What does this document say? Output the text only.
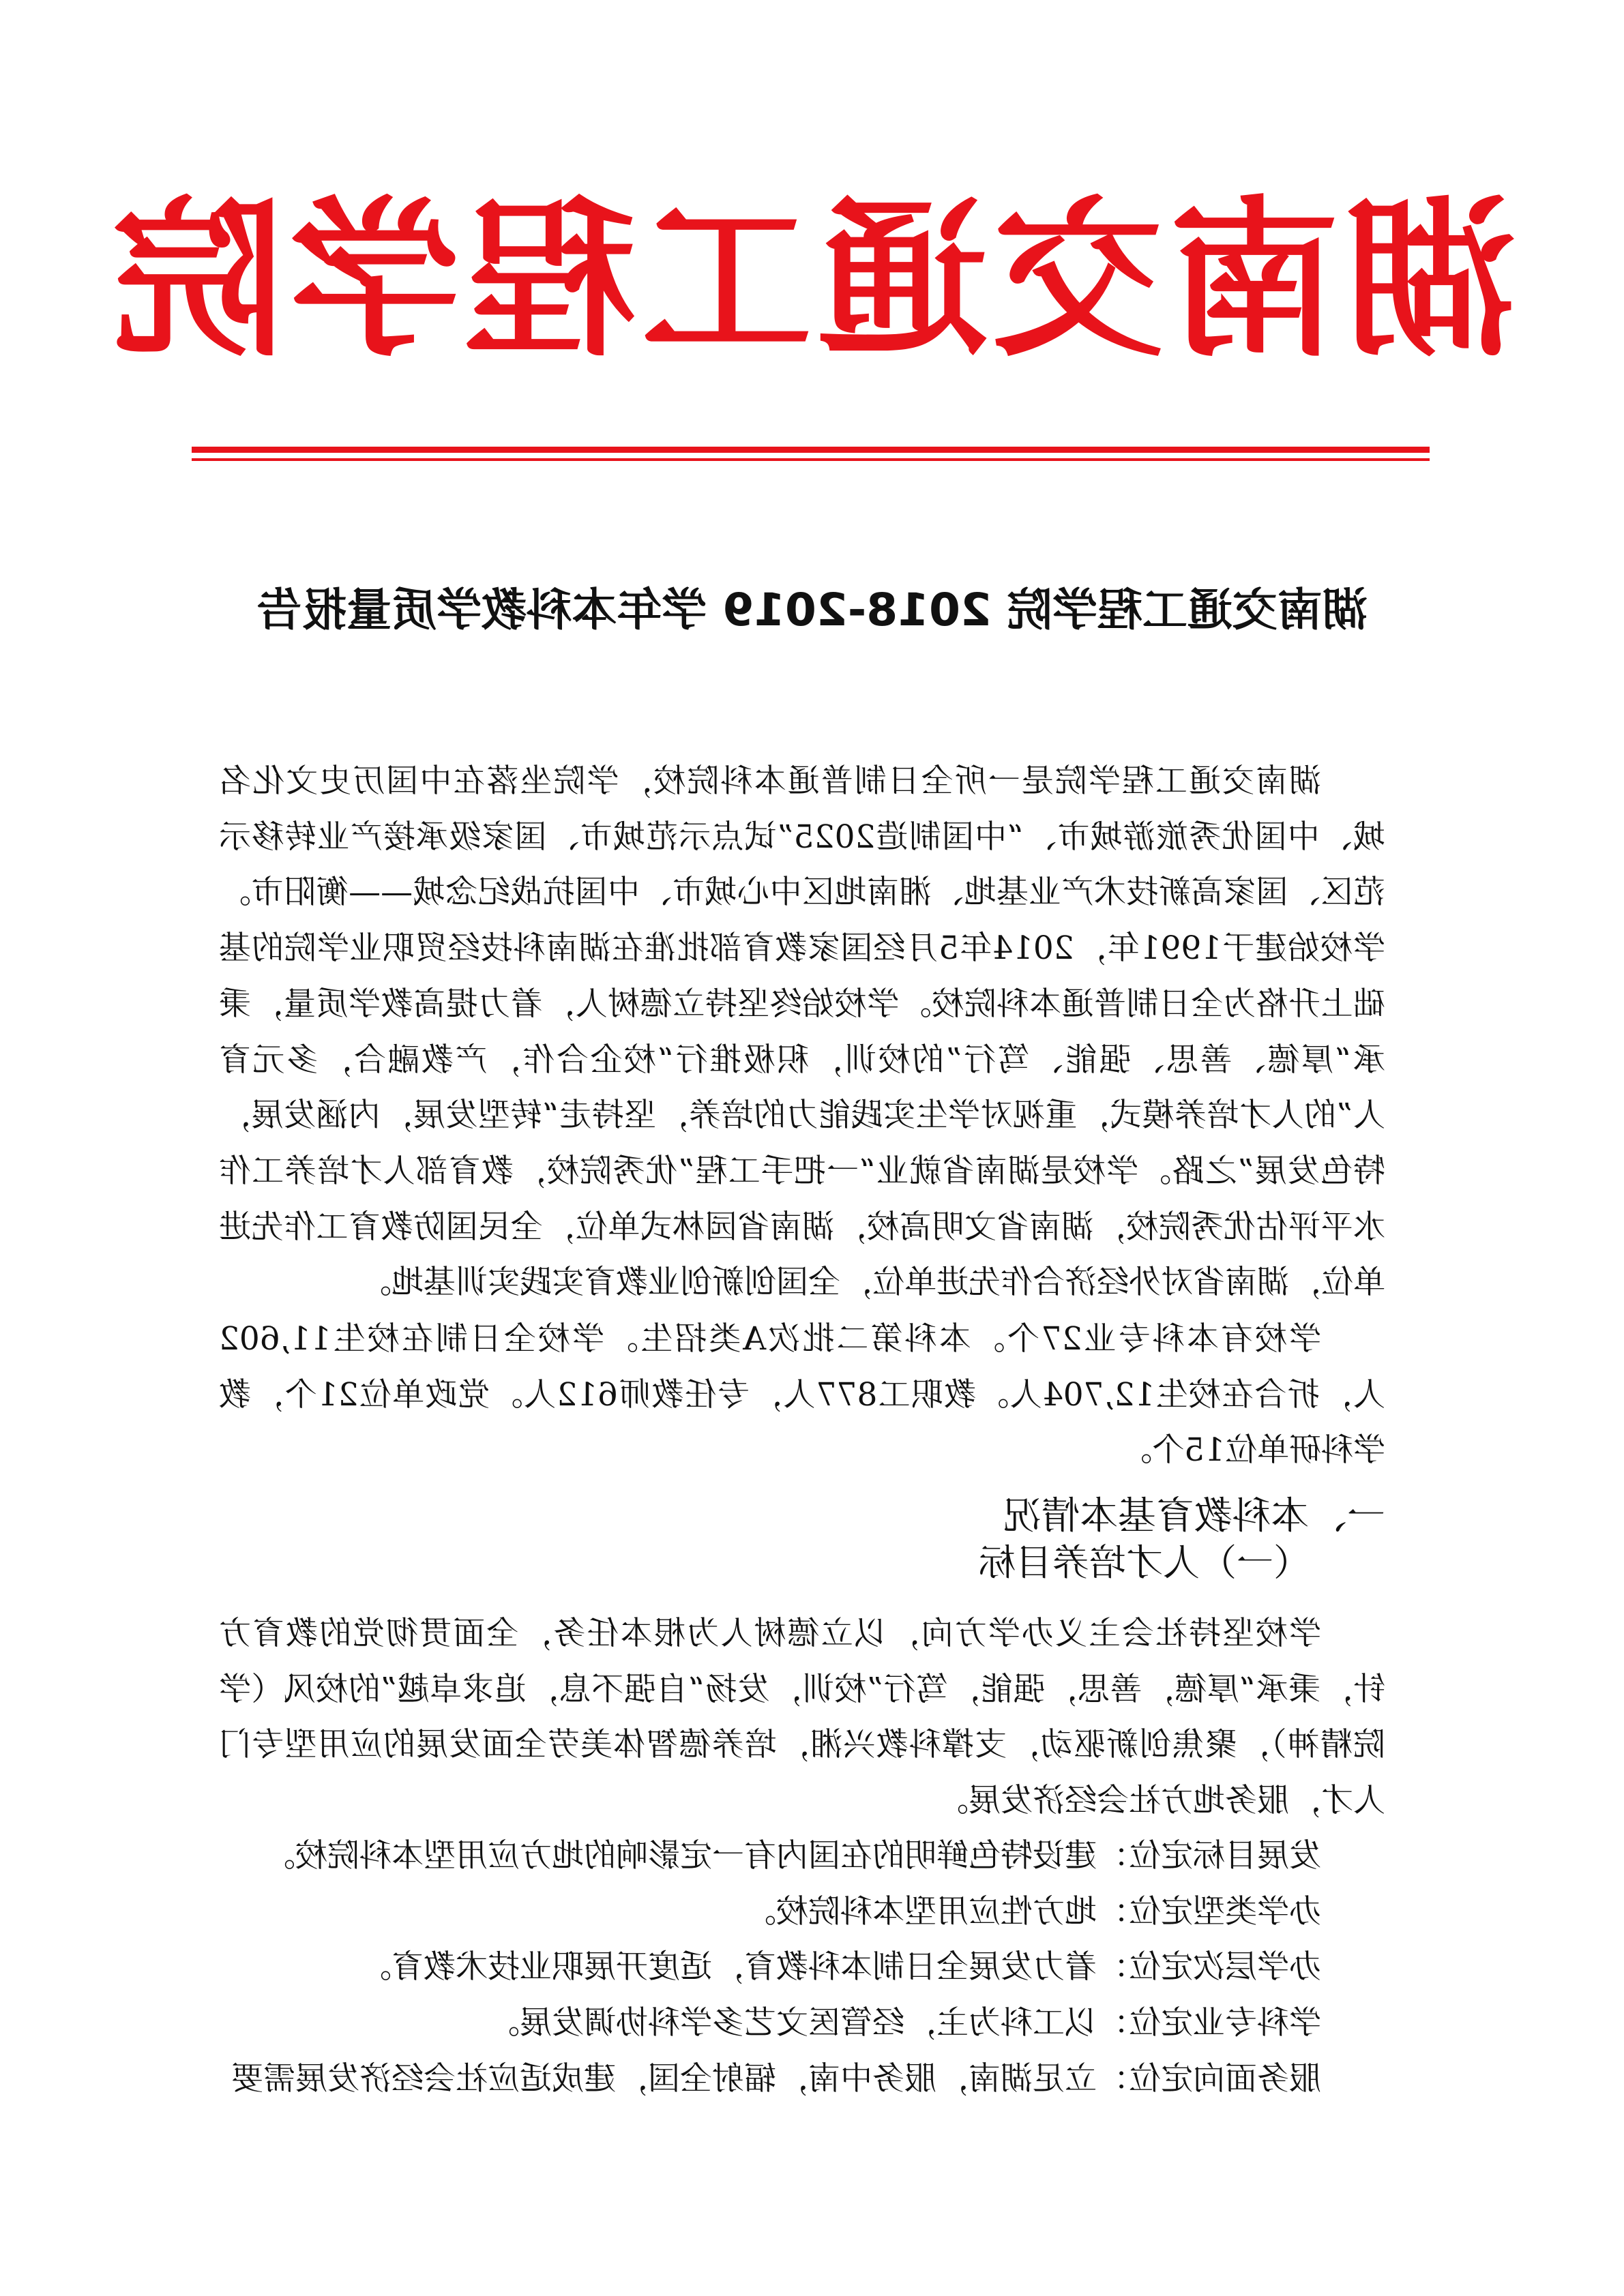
湖南交通工程学院
湖南交通工程学院 2018-2019 学年本科教学质量报告

湖南交通工程学院是一所全日制普通本科院校，学院坐落在中国历史文化名城、中国优秀旅游城市、“中国制造2025”试点示范城市、国家级承接产业转移示范区、国家高新技术产业基地、湘南地区中心城市、中国抗战纪念城——衡阳市。学校始建于1991年，2014年5月经国家教育部批准在湖南科技经贸职业学院的基础上升格为全日制普通本科院校。学校始终坚持立德树人，着力提高教学质量，秉承“厚德、善思、强能、笃行”的校训，积极推行“校企合作，产教融合，多元育人”的人才培养模式，重视对学生实践能力的培养，坚持走“转型发展，内涵发展，特色发展”之路。学校是湖南省就业“一把手工程”优秀院校，教育部人才培养工作水平评估优秀院校，湖南省文明高校，湖南省园林式单位，全民国防教育工作先进单位，湖南省对外经济合作先进单位，全国创新创业教育实践实训基地。

学校有本科专业27个。本科第二批次A类招生。学校全日制在校生11,602人，折合在校生12,704人。教职工877人，专任教师612人。党政单位21个，教学科研单位15个。

一、本科教育基本情况
（一）人才培养目标

学校坚持社会主义办学方向，以立德树人为根本任务，全面贯彻党的教育方针，秉承“厚德，善思，强能，笃行”校训，发扬“自强不息，追求卓越”的校风（学院精神），聚焦创新驱动，支撑科教兴湘，培养德智体美劳全面发展的应用型专门人才，服务地方社会经济发展。

发展目标定位：建设特色鲜明的在国内有一定影响的地方应用型本科院校。

办学类型定位：地方性应用型本科院校。

办学层次定位：着力发展全日制本科教育，适度开展职业技术教育。

学科专业定位：以工科为主，经管医文艺多学科协调发展。

服务面向定位：立足湖南，服务中南，辐射全国，建成适应社会经济发展需要
